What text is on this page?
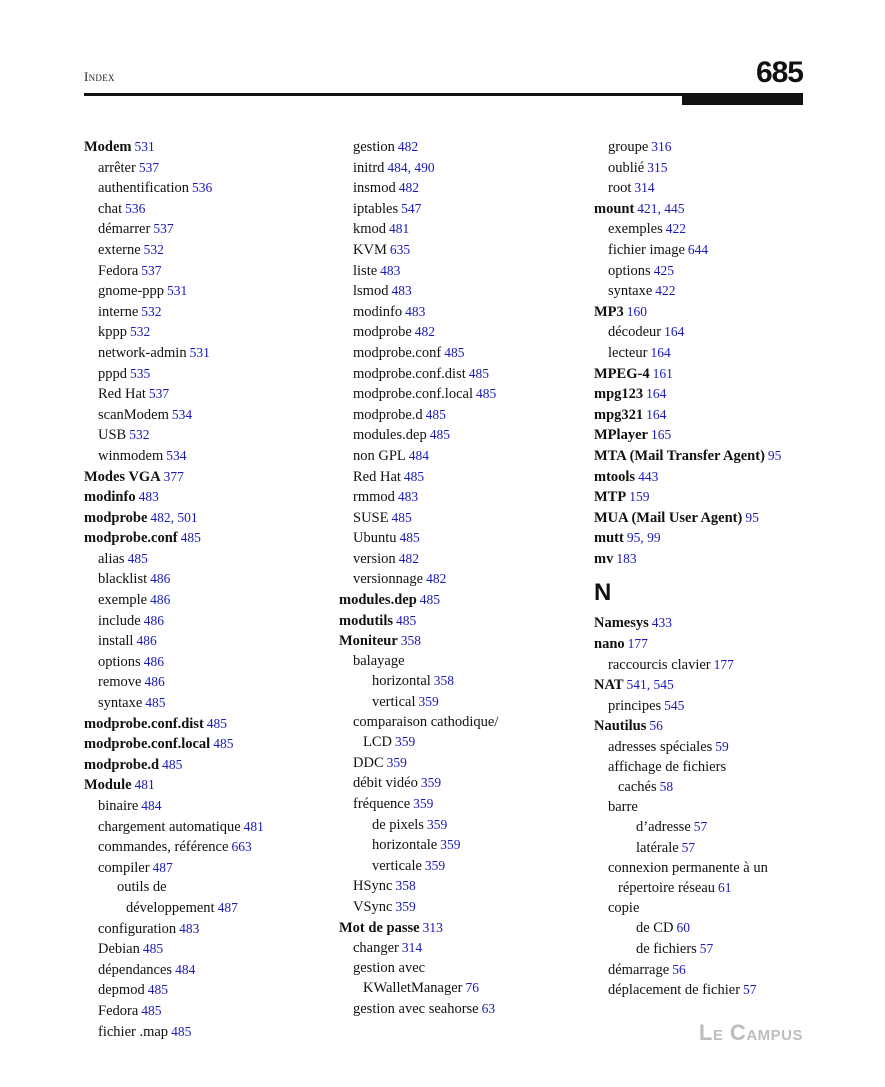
Index	685
Modem 531
arrêter 537
authentification 536
chat 536
démarrer 537
externe 532
Fedora 537
gnome-ppp 531
interne 532
kppp 532
network-admin 531
pppd 535
Red Hat 537
scanModem 534
USB 532
winmodem 534
Modes VGA 377
modinfo 483
modprobe 482, 501
modprobe.conf 485
alias 485
blacklist 486
exemple 486
include 486
install 486
options 486
remove 486
syntaxe 485
modprobe.conf.dist 485
modprobe.conf.local 485
modprobe.d 485
Module 481
binaire 484
chargement automatique 481
commandes, référence 663
compiler 487
outils de
développement 487
configuration 483
Debian 485
dépendances 484
depmod 485
Fedora 485
fichier .map 485
gestion 482
initrd 484, 490
insmod 482
iptables 547
kmod 481
KVM 635
liste 483
lsmod 483
modinfo 483
modprobe 482
modprobe.conf 485
modprobe.conf.dist 485
modprobe.conf.local 485
modprobe.d 485
modules.dep 485
non GPL 484
Red Hat 485
rmmod 483
SUSE 485
Ubuntu 485
version 482
versionnage 482
modules.dep 485
modutils 485
Moniteur 358
balayage
horizontal 358
vertical 359
comparaison cathodique/
LCD 359
DDC 359
débit vidéo 359
fréquence 359
de pixels 359
horizontale 359
verticale 359
HSync 358
VSync 359
Mot de passe 313
changer 314
gestion avec
KWalletManager 76
gestion avec seahorse 63
groupe 316
oublié 315
root 314
mount 421, 445
exemples 422
fichier image 644
options 425
syntaxe 422
MP3 160
décodeur 164
lecteur 164
MPEG-4 161
mpg123 164
mpg321 164
MPlayer 165
MTA (Mail Transfer Agent) 95
mtools 443
MTP 159
MUA (Mail User Agent) 95
mutt 95, 99
mv 183
N
Namesys 433
nano 177
raccourcis clavier 177
NAT 541, 545
principes 545
Nautilus 56
adresses spéciales 59
affichage de fichiers
cachés 58
barre
d’adresse 57
latérale 57
connexion permanente à un
répertoire réseau 61
copie
de CD 60
de fichiers 57
démarrage 56
déplacement de fichier 57
Le Campus
